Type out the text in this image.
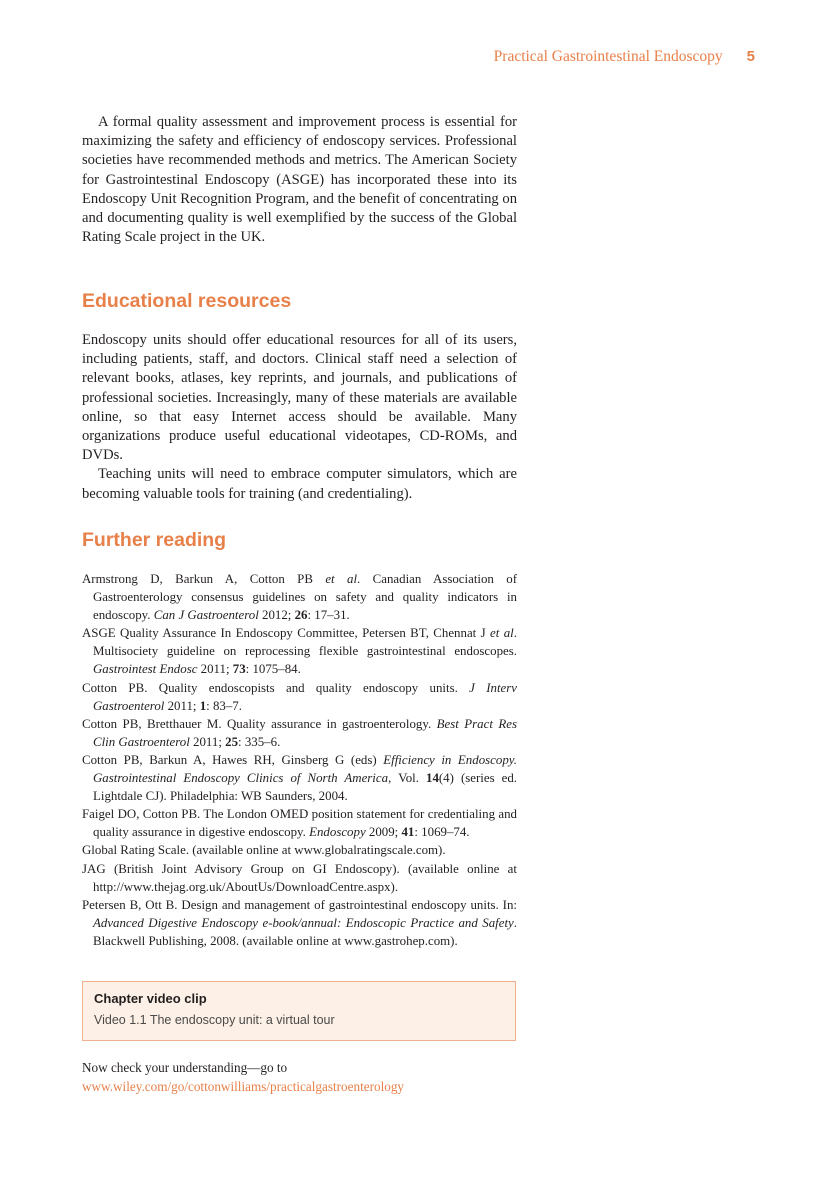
Practical Gastrointestinal Endoscopy 5

A formal quality assessment and improvement process is essential for maximizing the safety and efficiency of endoscopy services. Professional societies have recommended methods and metrics. The American Society for Gastrointestinal Endoscopy (ASGE) has incorporated these into its Endoscopy Unit Recognition Program, and the benefit of concentrating on and documenting quality is well exemplified by the success of the Global Rating Scale project in the UK.

Educational resources

Endoscopy units should offer educational resources for all of its users, including patients, staff, and doctors. Clinical staff need a selection of relevant books, atlases, key reprints, and journals, and publications of professional societies. Increasingly, many of these materials are available online, so that easy Internet access should be available. Many organizations produce useful educational videotapes, CD-ROMs, and DVDs.

Teaching units will need to embrace computer simulators, which are becoming valuable tools for training (and credentialing).

Further reading
Armstrong D, Barkun A, Cotton PB et al. Canadian Association of Gastroenterology consensus guidelines on safety and quality indicators in endoscopy. Can J Gastroenterol 2012; 26: 17–31.
ASGE Quality Assurance In Endoscopy Committee, Petersen BT, Chennat J et al. Multisociety guideline on reprocessing flexible gastrointestinal endoscopes. Gastrointest Endosc 2011; 73: 1075–84.
Cotton PB. Quality endoscopists and quality endoscopy units. J Interv Gastroenterol 2011; 1: 83–7.
Cotton PB, Bretthauer M. Quality assurance in gastroenterology. Best Pract Res Clin Gastroenterol 2011; 25: 335–6.
Cotton PB, Barkun A, Hawes RH, Ginsberg G (eds) Efficiency in Endoscopy. Gastrointestinal Endoscopy Clinics of North America, Vol. 14(4) (series ed. Lightdale CJ). Philadelphia: WB Saunders, 2004.
Faigel DO, Cotton PB. The London OMED position statement for credentialing and quality assurance in digestive endoscopy. Endoscopy 2009; 41: 1069–74.
Global Rating Scale. (available online at www.globalratingscale.com).
JAG (British Joint Advisory Group on GI Endoscopy). (available online at http://www.thejag.org.uk/AboutUs/DownloadCentre.aspx).
Petersen B, Ott B. Design and management of gastrointestinal endoscopy units. In: Advanced Digestive Endoscopy e-book/annual: Endoscopic Practice and Safety. Blackwell Publishing, 2008. (available online at www.gastrohep.com).
Chapter video clip
Video 1.1 The endoscopy unit: a virtual tour
Now check your understanding—go to
www.wiley.com/go/cottonwilliams/practicalgastroenterology
